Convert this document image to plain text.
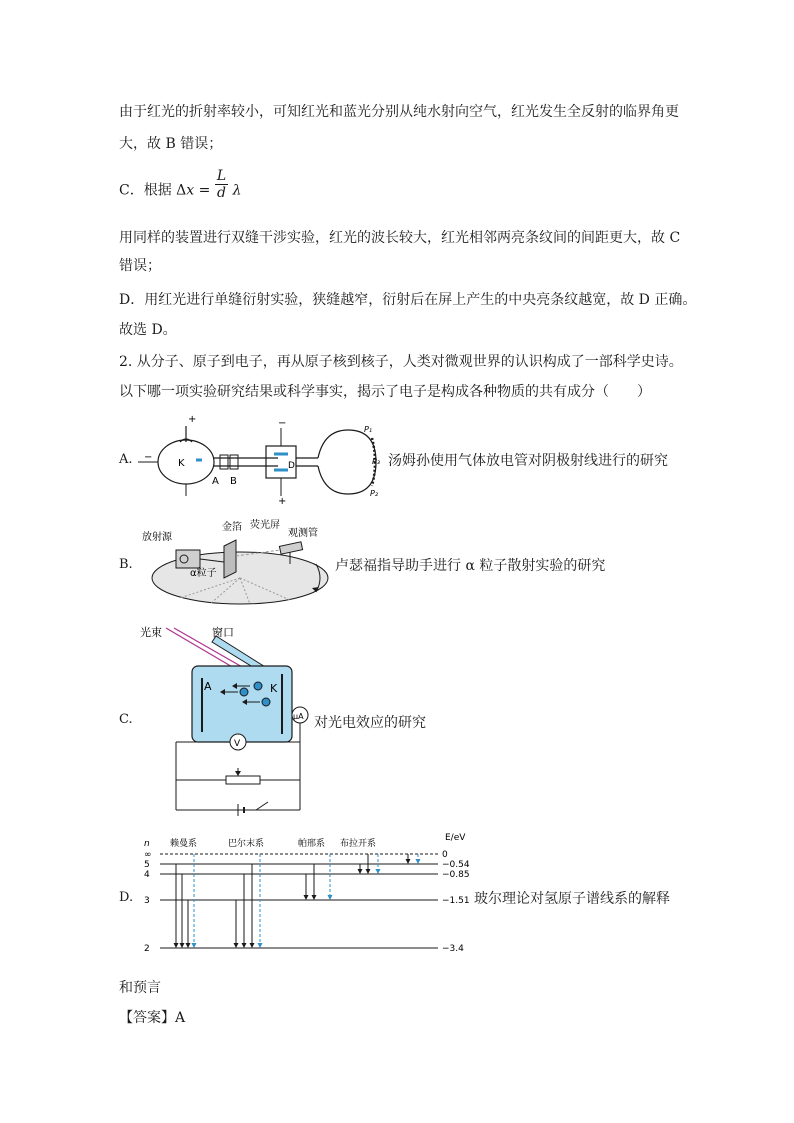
由于红光的折射率较小，可知红光和蓝光分别从纯水射向空气，红光发生全反射的临界角更
大，故 B 错误；
C．根据 $\Delta x = \frac{L}{d}$ λ
用同样的装置进行双缝干涉实验，红光的波长较大，红光相邻两亮条纹间的间距更大，故 C
错误；
D．用红光进行单缝衍射实验，狭缝越窄，衍射后在屏上产生的中央亮条纹越宽，故 D 正确。
故选 D。
2. 从分子、原子到电子，再从原子核到核子，人类对微观世界的认识构成了一部科学史诗。
以下哪一项实验研究结果或科学事实，揭示了电子是构成各种物质的共有成分（　　）
A.
+
−
K
A B
−
+
D
P₁
P₃
P₂
汤姆孙使用气体放电管对阴极射线进行的研究
B.
放射源
金箔 荧光屏
观测管
α粒子	卢瑟福指导助手进行 α 粒子散射实验的研究
C.
光束	窗口
A	K
μA
V
对光电效应的研究
D.
n
E/eV
赖曼系	巴尔末系	帕邢系 布拉开系
∞	0
5	−0.54
4	−0.85
3	−1.51
2	−3.4
玻尔理论对氢原子谱线系的解释
和预言
【答案】A
